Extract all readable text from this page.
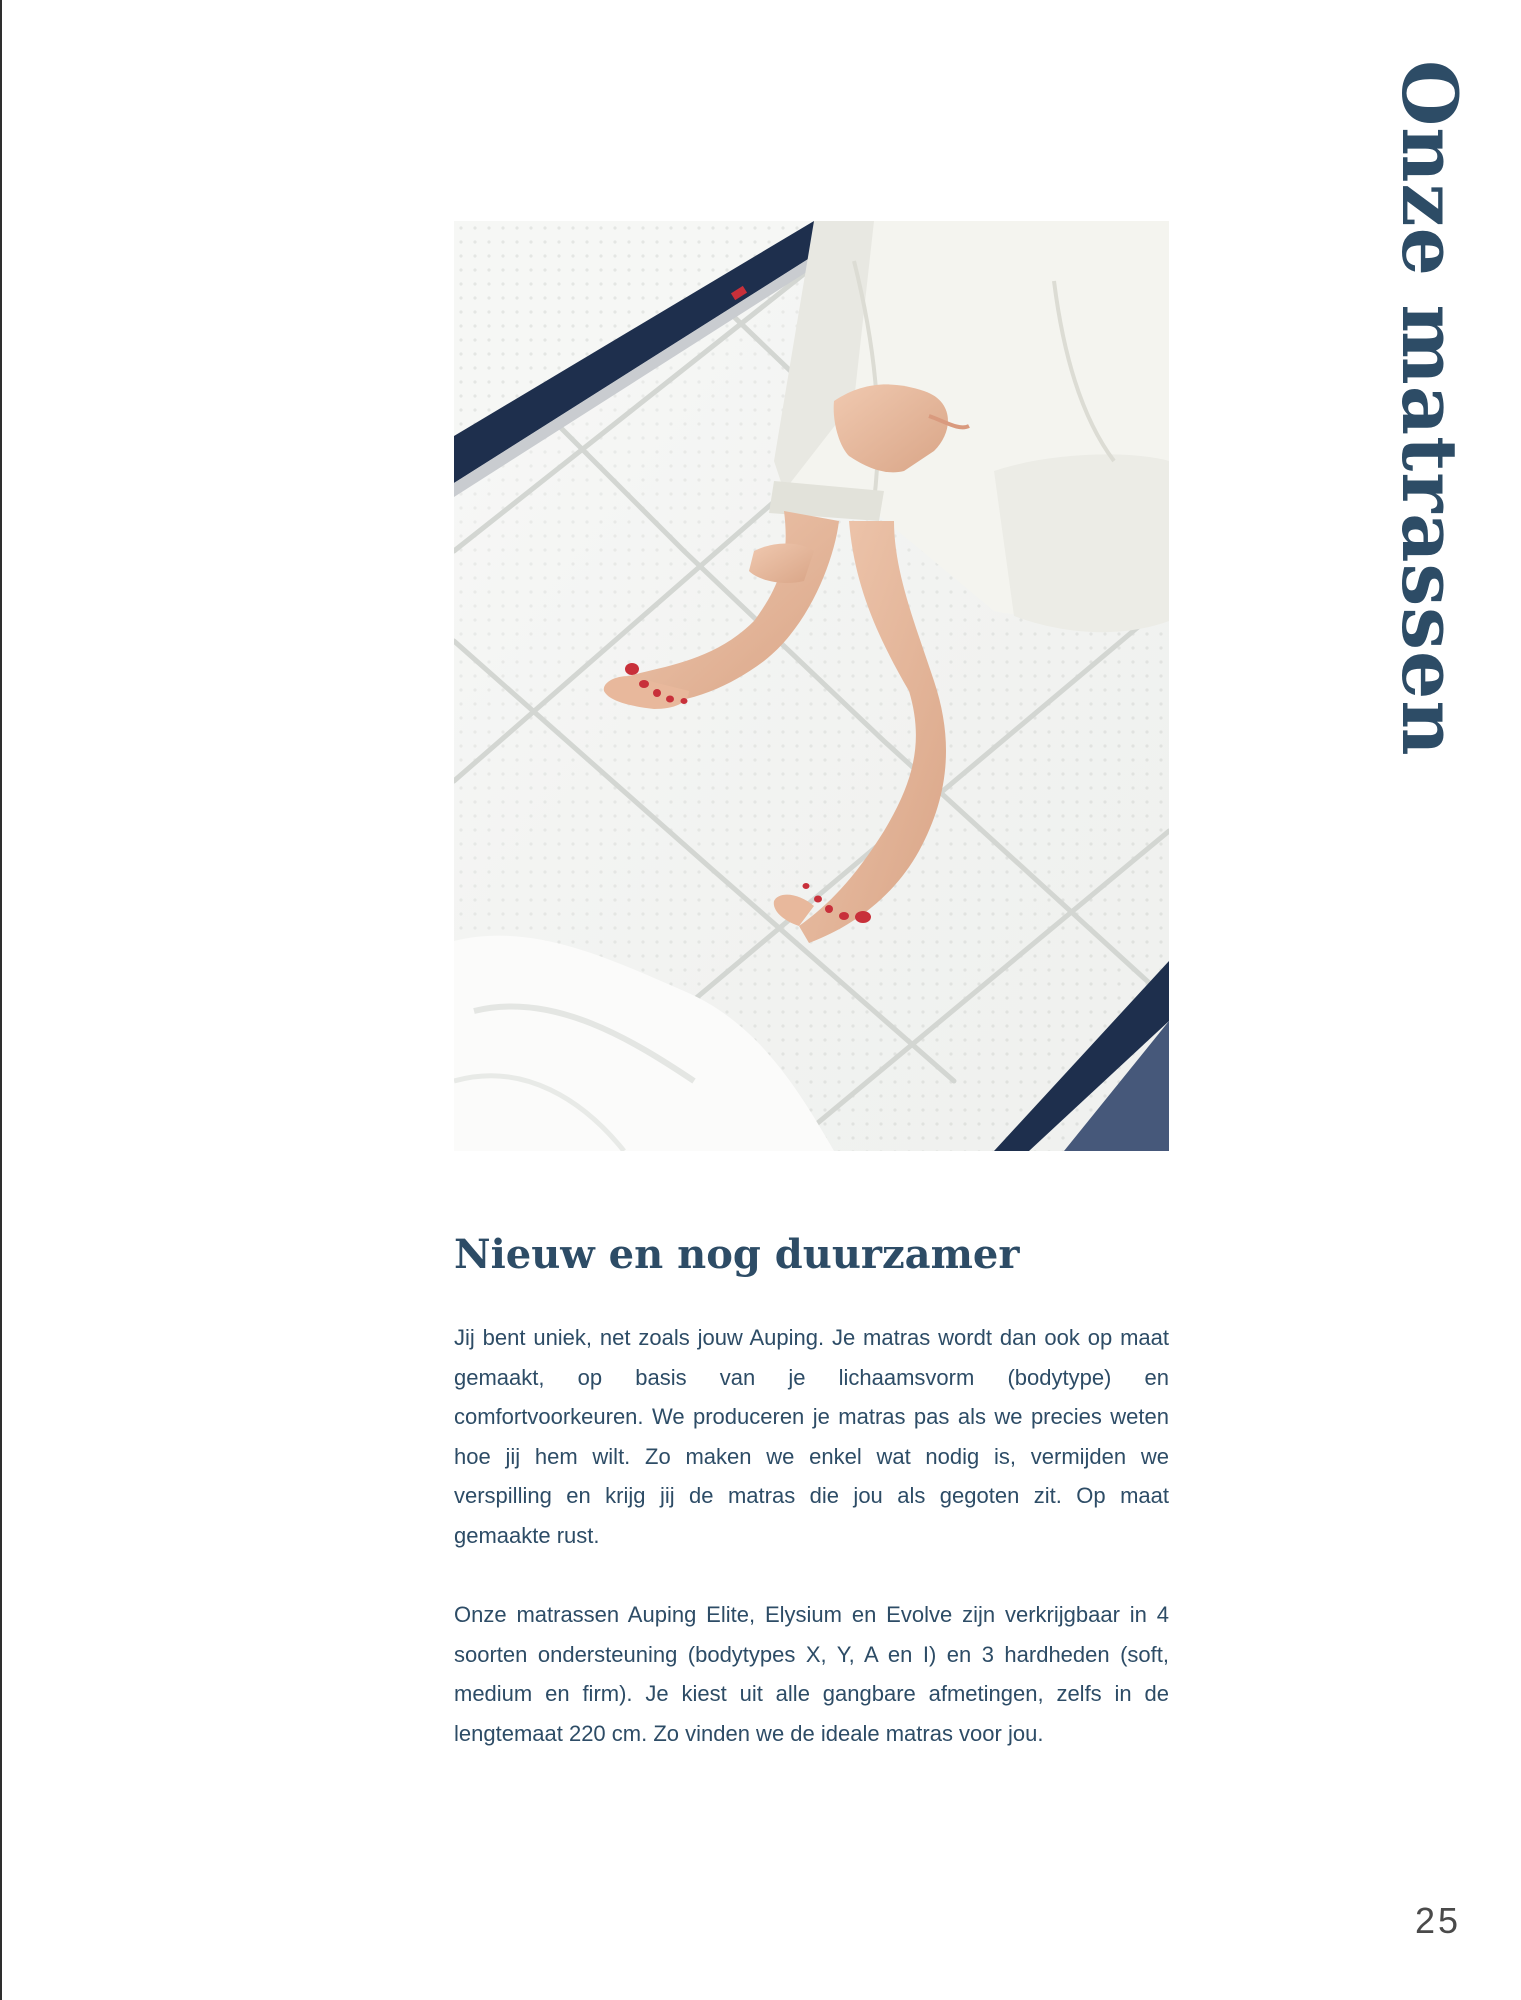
Onze matrassen
Nieuw en nog duurzamer

Jij bent uniek, net zoals jouw Auping. Je matras wordt dan ook op maat gemaakt, op basis van je lichaamsvorm (bodytype) en comfortvoorkeuren. We produceren je matras pas als we precies weten hoe jij hem wilt. Zo maken we enkel wat nodig is, vermijden we verspilling en krijg jij de matras die jou als gegoten zit. Op maat gemaakte rust.

Onze matrassen Auping Elite, Elysium en Evolve zijn verkrijgbaar in 4 soorten ondersteuning (bodytypes X, Y, A en I) en 3 hardheden (soft, medium en firm). Je kiest uit alle gangbare afmetingen, zelfs in de lengtemaat 220 cm. Zo vinden we de ideale matras voor jou.

25
